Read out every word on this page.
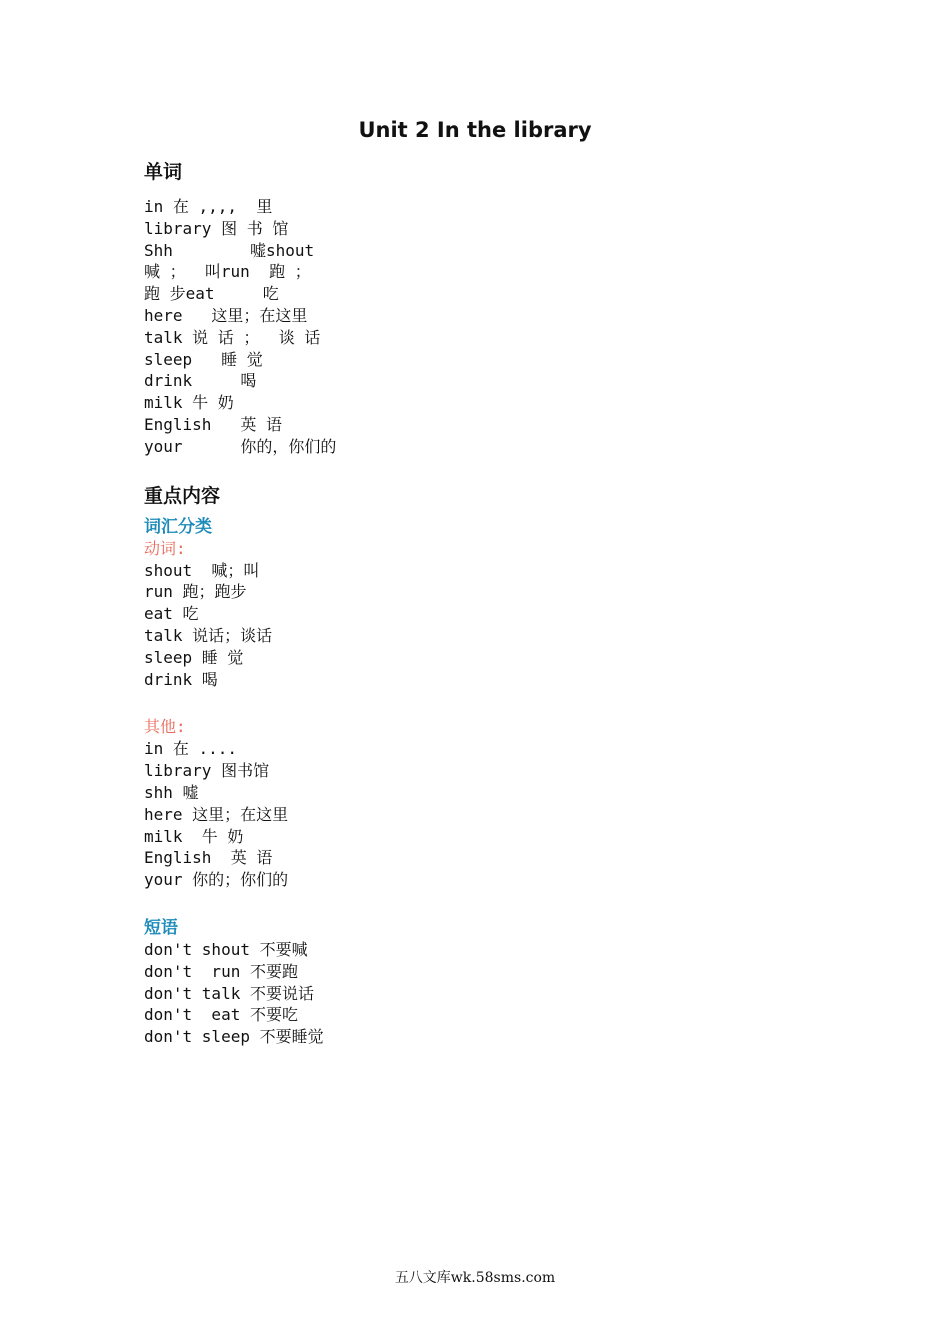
Unit 2 In the library
单词
in 在 ,,,,  里
library 图 书 馆
Shh        嘘shout
喊 ；  叫run  跑 ；
跑 步eat     吃
here   这里；在这里
talk 说 话 ；  谈 话
sleep   睡 觉
drink     喝
milk 牛 奶
English   英 语
your      你的，你们的
重点内容
词汇分类
动词:
shout  喊；叫
run 跑；跑步
eat 吃
talk 说话；谈话
sleep 睡 觉
drink 喝
其他:
in 在 ....
library 图书馆
shh 嘘
here 这里；在这里
milk  牛 奶
English  英 语
your 你的；你们的
短语
don't shout 不要喊
don't  run 不要跑
don't talk 不要说话
don't  eat 不要吃
don't sleep 不要睡觉
五八文库wk.58sms.com
